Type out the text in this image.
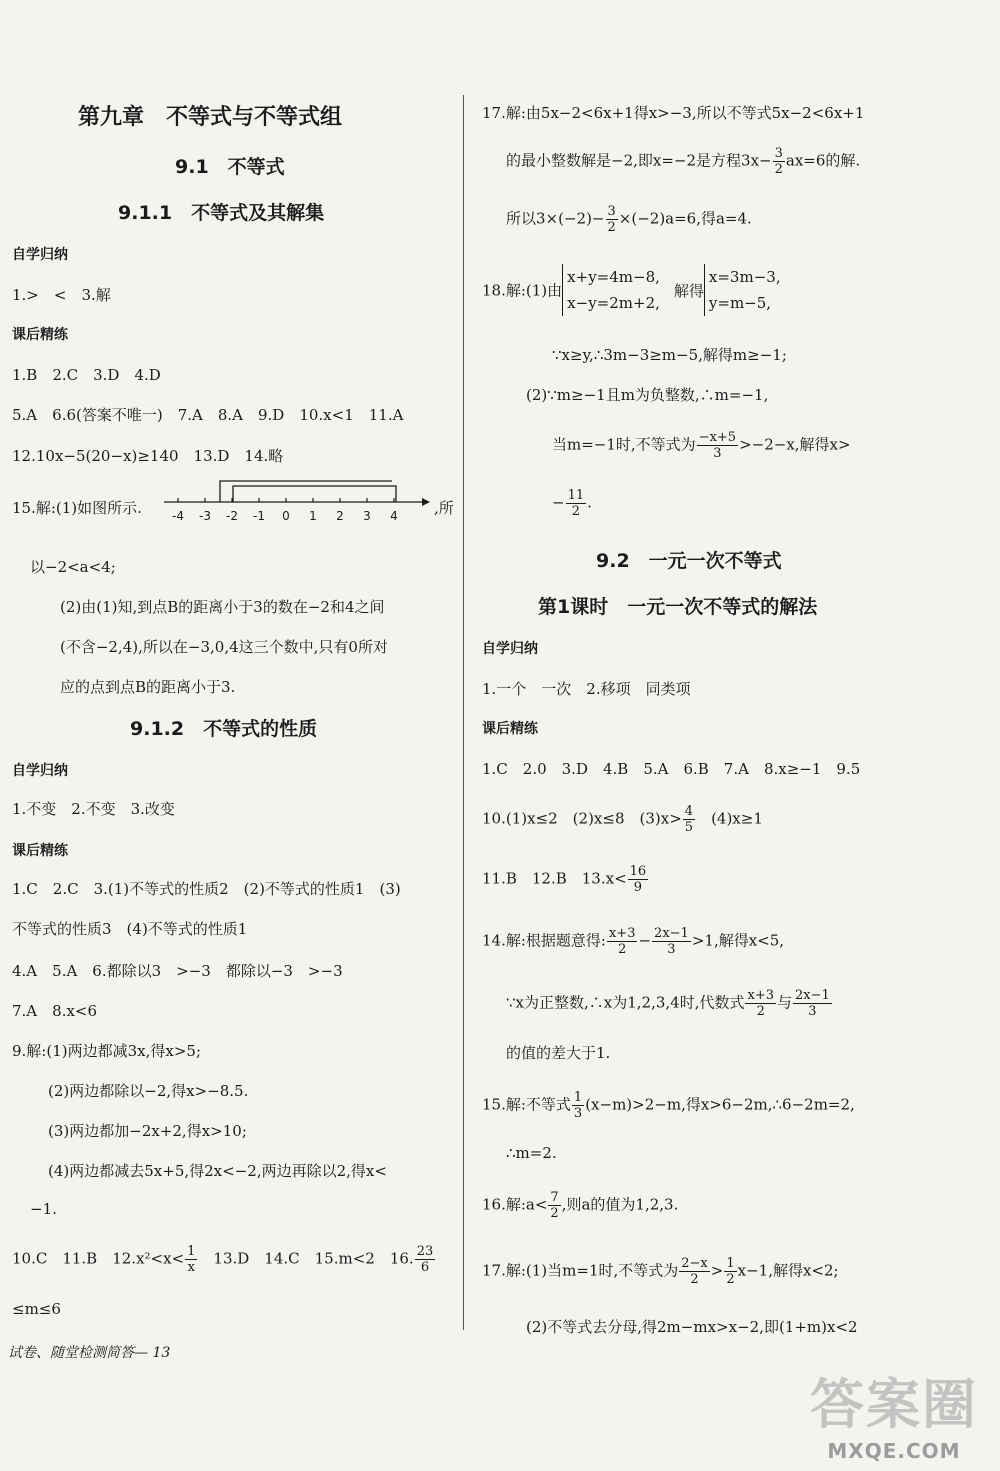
第九章　不等式与不等式组
9.1　不等式
9.1.1　不等式及其解集
自学归纳
1.>　<　3.解
课后精练
1.B　2.C　3.D　4.D
5.A　6.6(答案不唯一)　7.A　8.A　9.D　10.x<1　11.A
12.10x−5(20−x)≥140　13.D　14.略
15.解:(1)如图所示.	-4 -3 -2 -1 0 1 2 3 4 ,所
以−2<a<4;
(2)由(1)知,到点B的距离小于3的数在−2和4之间
(不含−2,4),所以在−3,0,4这三个数中,只有0所对
应的点到点B的距离小于3.
9.1.2　不等式的性质
自学归纳
1.不变　2.不变　3.改变
课后精练
1.C　2.C　3.(1)不等式的性质2　(2)不等式的性质1　(3)
不等式的性质3　(4)不等式的性质1
4.A　5.A　6.都除以3　>−3　都除以−3　>−3
7.A　8.x<6
9.解:(1)两边都减3x,得x>5;
(2)两边都除以−2,得x>−8.5.
(3)两边都加−2x+2,得x>10;
(4)两边都减去5x+5,得2x<−2,两边再除以2,得x<
−1.
10.C　11.B　$12.x^2<x< \frac{1}{x}$ 　13.D　14.C　15.m<2　16. $\frac{23}{6}$
≤m≤6
试卷、随堂检测简答— 13
17.解:由5x−2<6x+1得x>−3,所以不等式5x−2<6x+1
的最小整数解是−2,即x=−2是方程$3x- \frac{3}{2} ax=6$的解.
所以$3\times(-2)- \frac{3}{2} \times(-2)a=6$,得a=4.
18.解:(1)由
x+y=4m−8,
x−y=2m+2,
解得
x=3m−3,
y=m−5,
∵x≥y,∴3m−3≥m−5,解得m≥−1;
(2)∵m≥−1且m为负整数,∴m=−1,
当m=−1时,不等式为 $\frac{-x+5}{3} >-2-x$,解得x>
− $\frac{11}{2}$ .
9.2　一元一次不等式
第1课时　一元一次不等式的解法
自学归纳
1.一个　一次　2.移项　同类项
课后精练
1.C　2.0　3.D　4.B　5.A　6.B　7.A　8.x≥−1　9.5
10.(1)x≤2　(2)x≤8　$(3)x> \frac{4}{5}$ 　(4)x≥1
11.B　12.B　$13.x< \frac{16}{9}$
14.解:根据题意得: $\frac{x+3}{2} - \frac{2x-1}{3} >1$,解得x<5,
∵x为正整数,∴x为1,2,3,4时,代数式 $\frac{x+3}{2}$ 与 $\frac{2x-1}{3}$
的值的差大于1.
15.解:不等式 $\frac{1}{3} (x-m)>2-m$,得x>6−2m,∴6−2m=2,
∴m=2.
16.解:a< $\frac{7}{2}$ ,则a的值为1,2,3.
17.解:(1)当m=1时,不等式为 $\frac{2-x}{2} > \frac{1}{2} x-1$,解得x<2;
(2)不等式去分母,得2m−mx>x−2,即(1+m)x<2
答案圈
MXQE.COM
